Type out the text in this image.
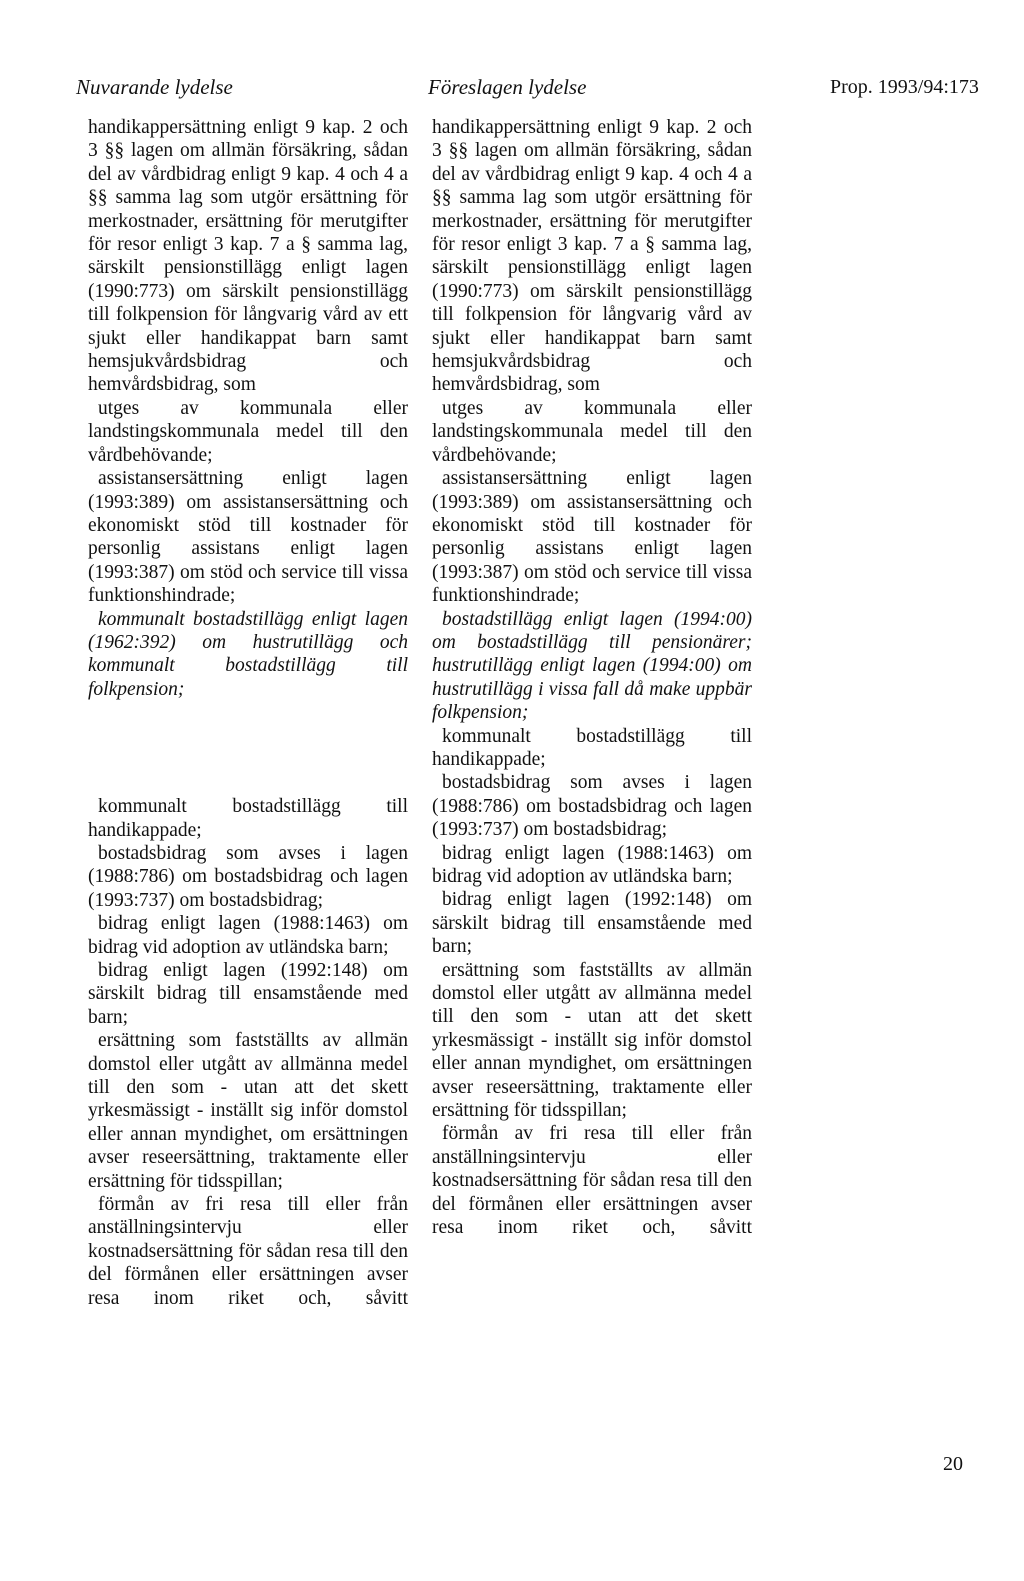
Nuvarande lydelse	Föreslagen lydelse	Prop. 1993/94:173

handikappersättning enligt 9 kap. 2 och 3 §§ lagen om allmän försäkring, sådan del av vårdbidrag enligt 9 kap. 4 och 4 a §§ samma lag som utgör ersättning för merkostnader, ersättning för merutgifter för resor enligt 3 kap. 7 a § samma lag, särskilt pensionstillägg enligt lagen (1990:773) om särskilt pensionstillägg till folkpension för långvarig vård av ett sjukt eller handikappat barn samt hemsjukvårdsbidrag och hemvårdsbidrag, som

utges av kommunala eller landstingskommunala medel till den vårdbehövande;

assistansersättning enligt lagen (1993:389) om assistansersättning och ekonomiskt stöd till kostnader för personlig assistans enligt lagen (1993:387) om stöd och service till vissa funktionshindrade;

kommunalt bostadstillägg enligt lagen (1962:392) om hustrutillägg och kommunalt bostadstillägg till folkpension;

kommunalt bostadstillägg till handikappade;

bostadsbidrag som avses i lagen (1988:786) om bostadsbidrag och lagen (1993:737) om bostadsbidrag;

bidrag enligt lagen (1988:1463) om bidrag vid adoption av utländska barn;

bidrag enligt lagen (1992:148) om särskilt bidrag till ensamstående med barn;

ersättning som fastställts av allmän domstol eller utgått av allmänna medel till den som - utan att det skett yrkesmässigt - inställt sig inför domstol eller annan myndighet, om ersättningen avser reseersättning, traktamente eller ersättning för tidsspillan;

förmån av fri resa till eller från anställningsintervju eller kostnadsersättning för sådan resa till den del förmånen eller ersättningen avser resa inom riket och, såvitt

handikappersättning enligt 9 kap. 2 och 3 §§ lagen om allmän försäkring, sådan del av vårdbidrag enligt 9 kap. 4 och 4 a §§ samma lag som utgör ersättning för merkostnader, ersättning för merutgifter för resor enligt 3 kap. 7 a § samma lag, särskilt pensionstillägg enligt lagen (1990:773) om särskilt pensionstillägg till folkpension för långvarig vård av sjukt eller handikappat barn samt hemsjukvårdsbidrag och hemvårdsbidrag, som

utges av kommunala eller landstingskommunala medel till den vårdbehövande;

assistansersättning enligt lagen (1993:389) om assistansersättning och ekonomiskt stöd till kostnader för personlig assistans enligt lagen (1993:387) om stöd och service till vissa funktionshindrade;

bostadstillägg enligt lagen (1994:00) om bostadstillägg till pensionärer; hustrutillägg enligt lagen (1994:00) om hustrutillägg i vissa fall då make uppbär folkpension;

kommunalt bostadstillägg till handikappade;

bostadsbidrag som avses i lagen (1988:786) om bostadsbidrag och lagen (1993:737) om bostadsbidrag;

bidrag enligt lagen (1988:1463) om bidrag vid adoption av utländska barn;

bidrag enligt lagen (1992:148) om särskilt bidrag till ensamstående med barn;

ersättning som fastställts av allmän domstol eller utgått av allmänna medel till den som - utan att det skett yrkesmässigt - inställt sig inför domstol eller annan myndighet, om ersättningen avser reseersättning, traktamente eller ersättning för tidsspillan;

förmån av fri resa till eller från anställningsintervju eller kostnadsersättning för sådan resa till den del förmånen eller ersättningen avser resa inom riket och, såvitt

20
